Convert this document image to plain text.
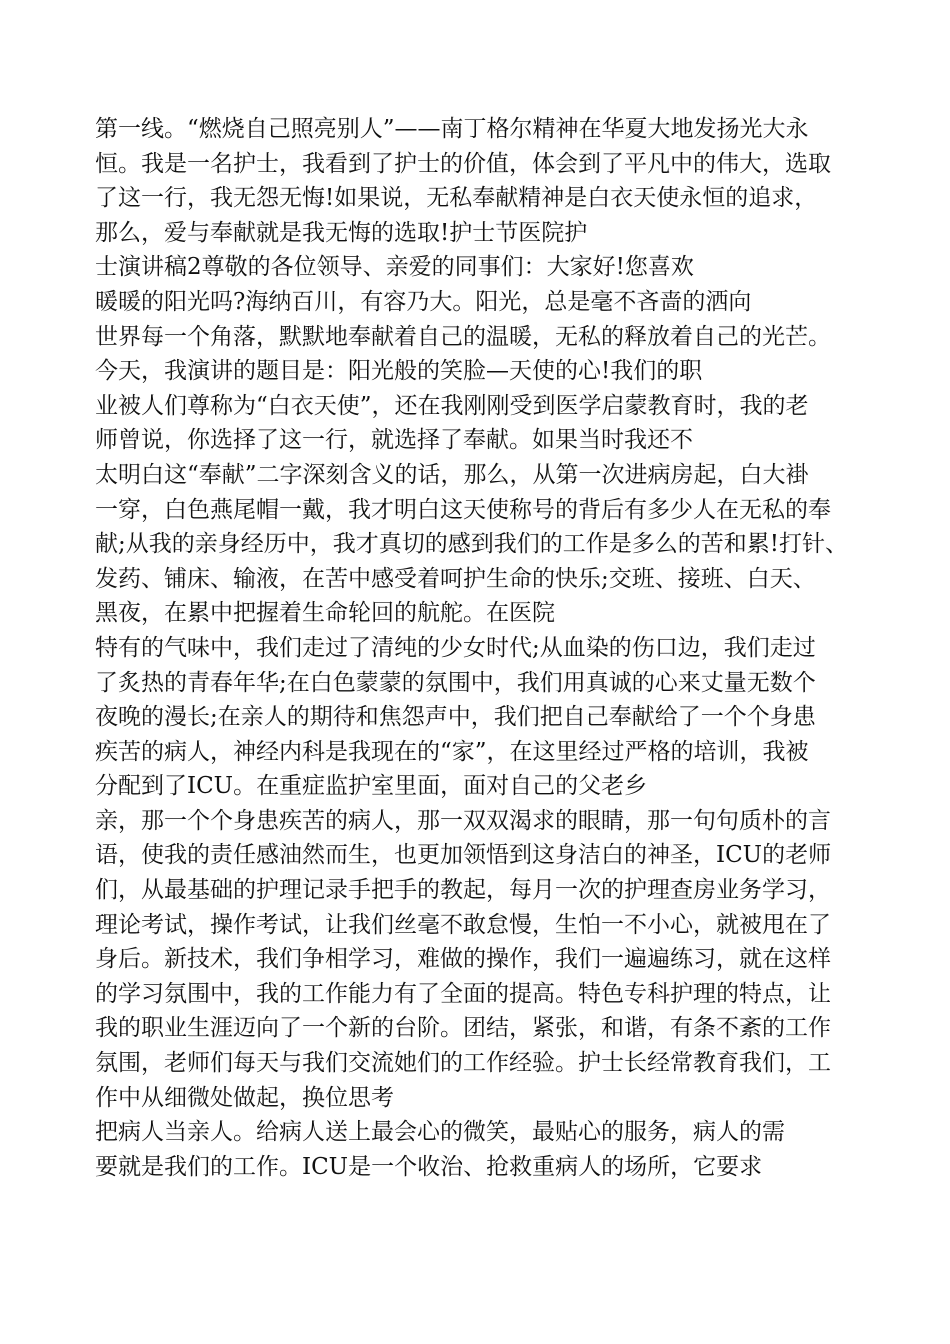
第一线。“燃烧自己照亮别人”——南丁格尔精神在华夏大地发扬光大永
恒。我是一名护士，我看到了护士的价值，体会到了平凡中的伟大，选取
了这一行，我无怨无悔!如果说，无私奉献精神是白衣天使永恒的追求，
那么，爱与奉献就是我无悔的选取!护士节医院护
士演讲稿2尊敬的各位领导、亲爱的同事们：大家好!您喜欢
暖暖的阳光吗?海纳百川，有容乃大。阳光，总是毫不吝啬的洒向
世界每一个角落，默默地奉献着自己的温暖，无私的释放着自己的光芒。
今天，我演讲的题目是：阳光般的笑脸—天使的心!我们的职
业被人们尊称为“白衣天使”，还在我刚刚受到医学启蒙教育时，我的老
师曾说，你选择了这一行，就选择了奉献。如果当时我还不
太明白这“奉献”二字深刻含义的话，那么，从第一次进病房起，白大褂
一穿，白色燕尾帽一戴，我才明白这天使称号的背后有多少人在无私的奉
献;从我的亲身经历中，我才真切的感到我们的工作是多么的苦和累!打针、
发药、铺床、输液，在苦中感受着呵护生命的快乐;交班、接班、白天、
黑夜，在累中把握着生命轮回的航舵。在医院
特有的气味中，我们走过了清纯的少女时代;从血染的伤口边，我们走过
了炙热的青春年华;在白色蒙蒙的氛围中，我们用真诚的心来丈量无数个
夜晚的漫长;在亲人的期待和焦怨声中，我们把自己奉献给了一个个身患
疾苦的病人，神经内科是我现在的“家”，在这里经过严格的培训，我被
分配到了ICU。在重症监护室里面，面对自己的父老乡
亲，那一个个身患疾苦的病人，那一双双渴求的眼睛，那一句句质朴的言
语，使我的责任感油然而生，也更加领悟到这身洁白的神圣，ICU的老师
们，从最基础的护理记录手把手的教起，每月一次的护理查房业务学习，
理论考试，操作考试，让我们丝毫不敢怠慢，生怕一不小心，就被甩在了
身后。新技术，我们争相学习，难做的操作，我们一遍遍练习，就在这样
的学习氛围中，我的工作能力有了全面的提高。特色专科护理的特点，让
我的职业生涯迈向了一个新的台阶。团结，紧张，和谐，有条不紊的工作
氛围，老师们每天与我们交流她们的工作经验。护士长经常教育我们，工
作中从细微处做起，换位思考
把病人当亲人。给病人送上最会心的微笑，最贴心的服务，病人的需
要就是我们的工作。ICU是一个收治、抢救重病人的场所，它要求
